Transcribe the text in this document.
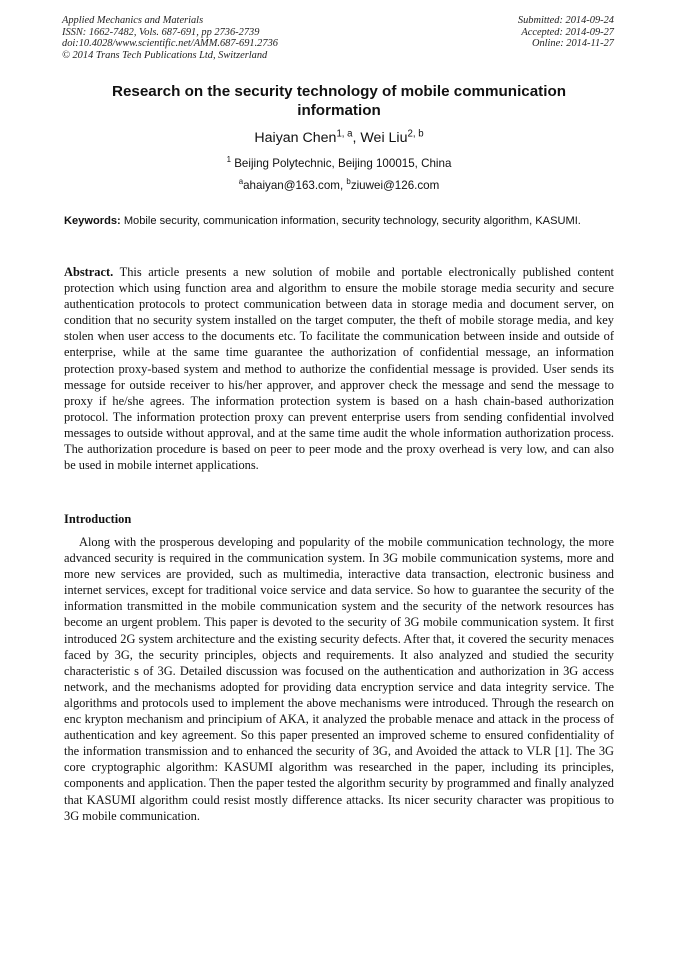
Applied Mechanics and Materials
ISSN: 1662-7482, Vols. 687-691, pp 2736-2739
doi:10.4028/www.scientific.net/AMM.687-691.2736
© 2014 Trans Tech Publications Ltd, Switzerland
Submitted: 2014-09-24
Accepted: 2014-09-27
Online: 2014-11-27
Research on the security technology of mobile communication information
Haiyan Chen$^{1, a}$, Wei Liu$^{2, b}$
$^1$ Beijing Polytechnic, Beijing 100015, China
$^a$ahaiyan@163.com, $^b$ziuwei@126.com
Keywords: Mobile security, communication information, security technology, security algorithm, KASUMI.
Abstract. This article presents a new solution of mobile and portable electronically published content protection which using function area and algorithm to ensure the mobile storage media security and secure authentication protocols to protect communication between data in storage media and document server, on condition that no security system installed on the target computer, the theft of mobile storage media, and key stolen when user access to the documents etc. To facilitate the communication between inside and outside of enterprise, while at the same time guarantee the authorization of confidential message, an information protection proxy-based system and method to authorize the confidential message is provided. User sends its message for outside receiver to his/her approver, and approver check the message and send the message to proxy if he/she agrees. The information protection system is based on a hash chain-based authorization protocol. The information protection proxy can prevent enterprise users from sending confidential involved messages to outside without approval, and at the same time audit the whole information authorization process. The authorization procedure is based on peer to peer mode and the proxy overhead is very low, and can also be used in mobile internet applications.
Introduction
Along with the prosperous developing and popularity of the mobile communication technology, the more advanced security is required in the communication system. In 3G mobile communication systems, more and more new services are provided, such as multimedia, interactive data transaction, electronic business and internet services, except for traditional voice service and data service. So how to guarantee the security of the information transmitted in the mobile communication system and the security of the network resources has become an urgent problem. This paper is devoted to the security of 3G mobile communication system. It first introduced 2G system architecture and the existing security defects. After that, it covered the security menaces faced by 3G, the security principles, objects and requirements. It also analyzed and studied the security characteristic s of 3G. Detailed discussion was focused on the authentication and authorization in 3G access network, and the mechanisms adopted for providing data encryption service and data integrity service. The algorithms and protocols used to implement the above mechanisms were introduced. Through the research on enc krypton mechanism and principium of AKA, it analyzed the probable menace and attack in the process of authentication and key agreement. So this paper presented an improved scheme to ensured confidentiality of the information transmission and to enhanced the security of 3G, and Avoided the attack to VLR [1]. The 3G core cryptographic algorithm: KASUMI algorithm was researched in the paper, including its principles, components and application. Then the paper tested the algorithm security by programmed and finally analyzed that KASUMI algorithm could resist mostly difference attacks. Its nicer security character was propitious to 3G mobile communication.
